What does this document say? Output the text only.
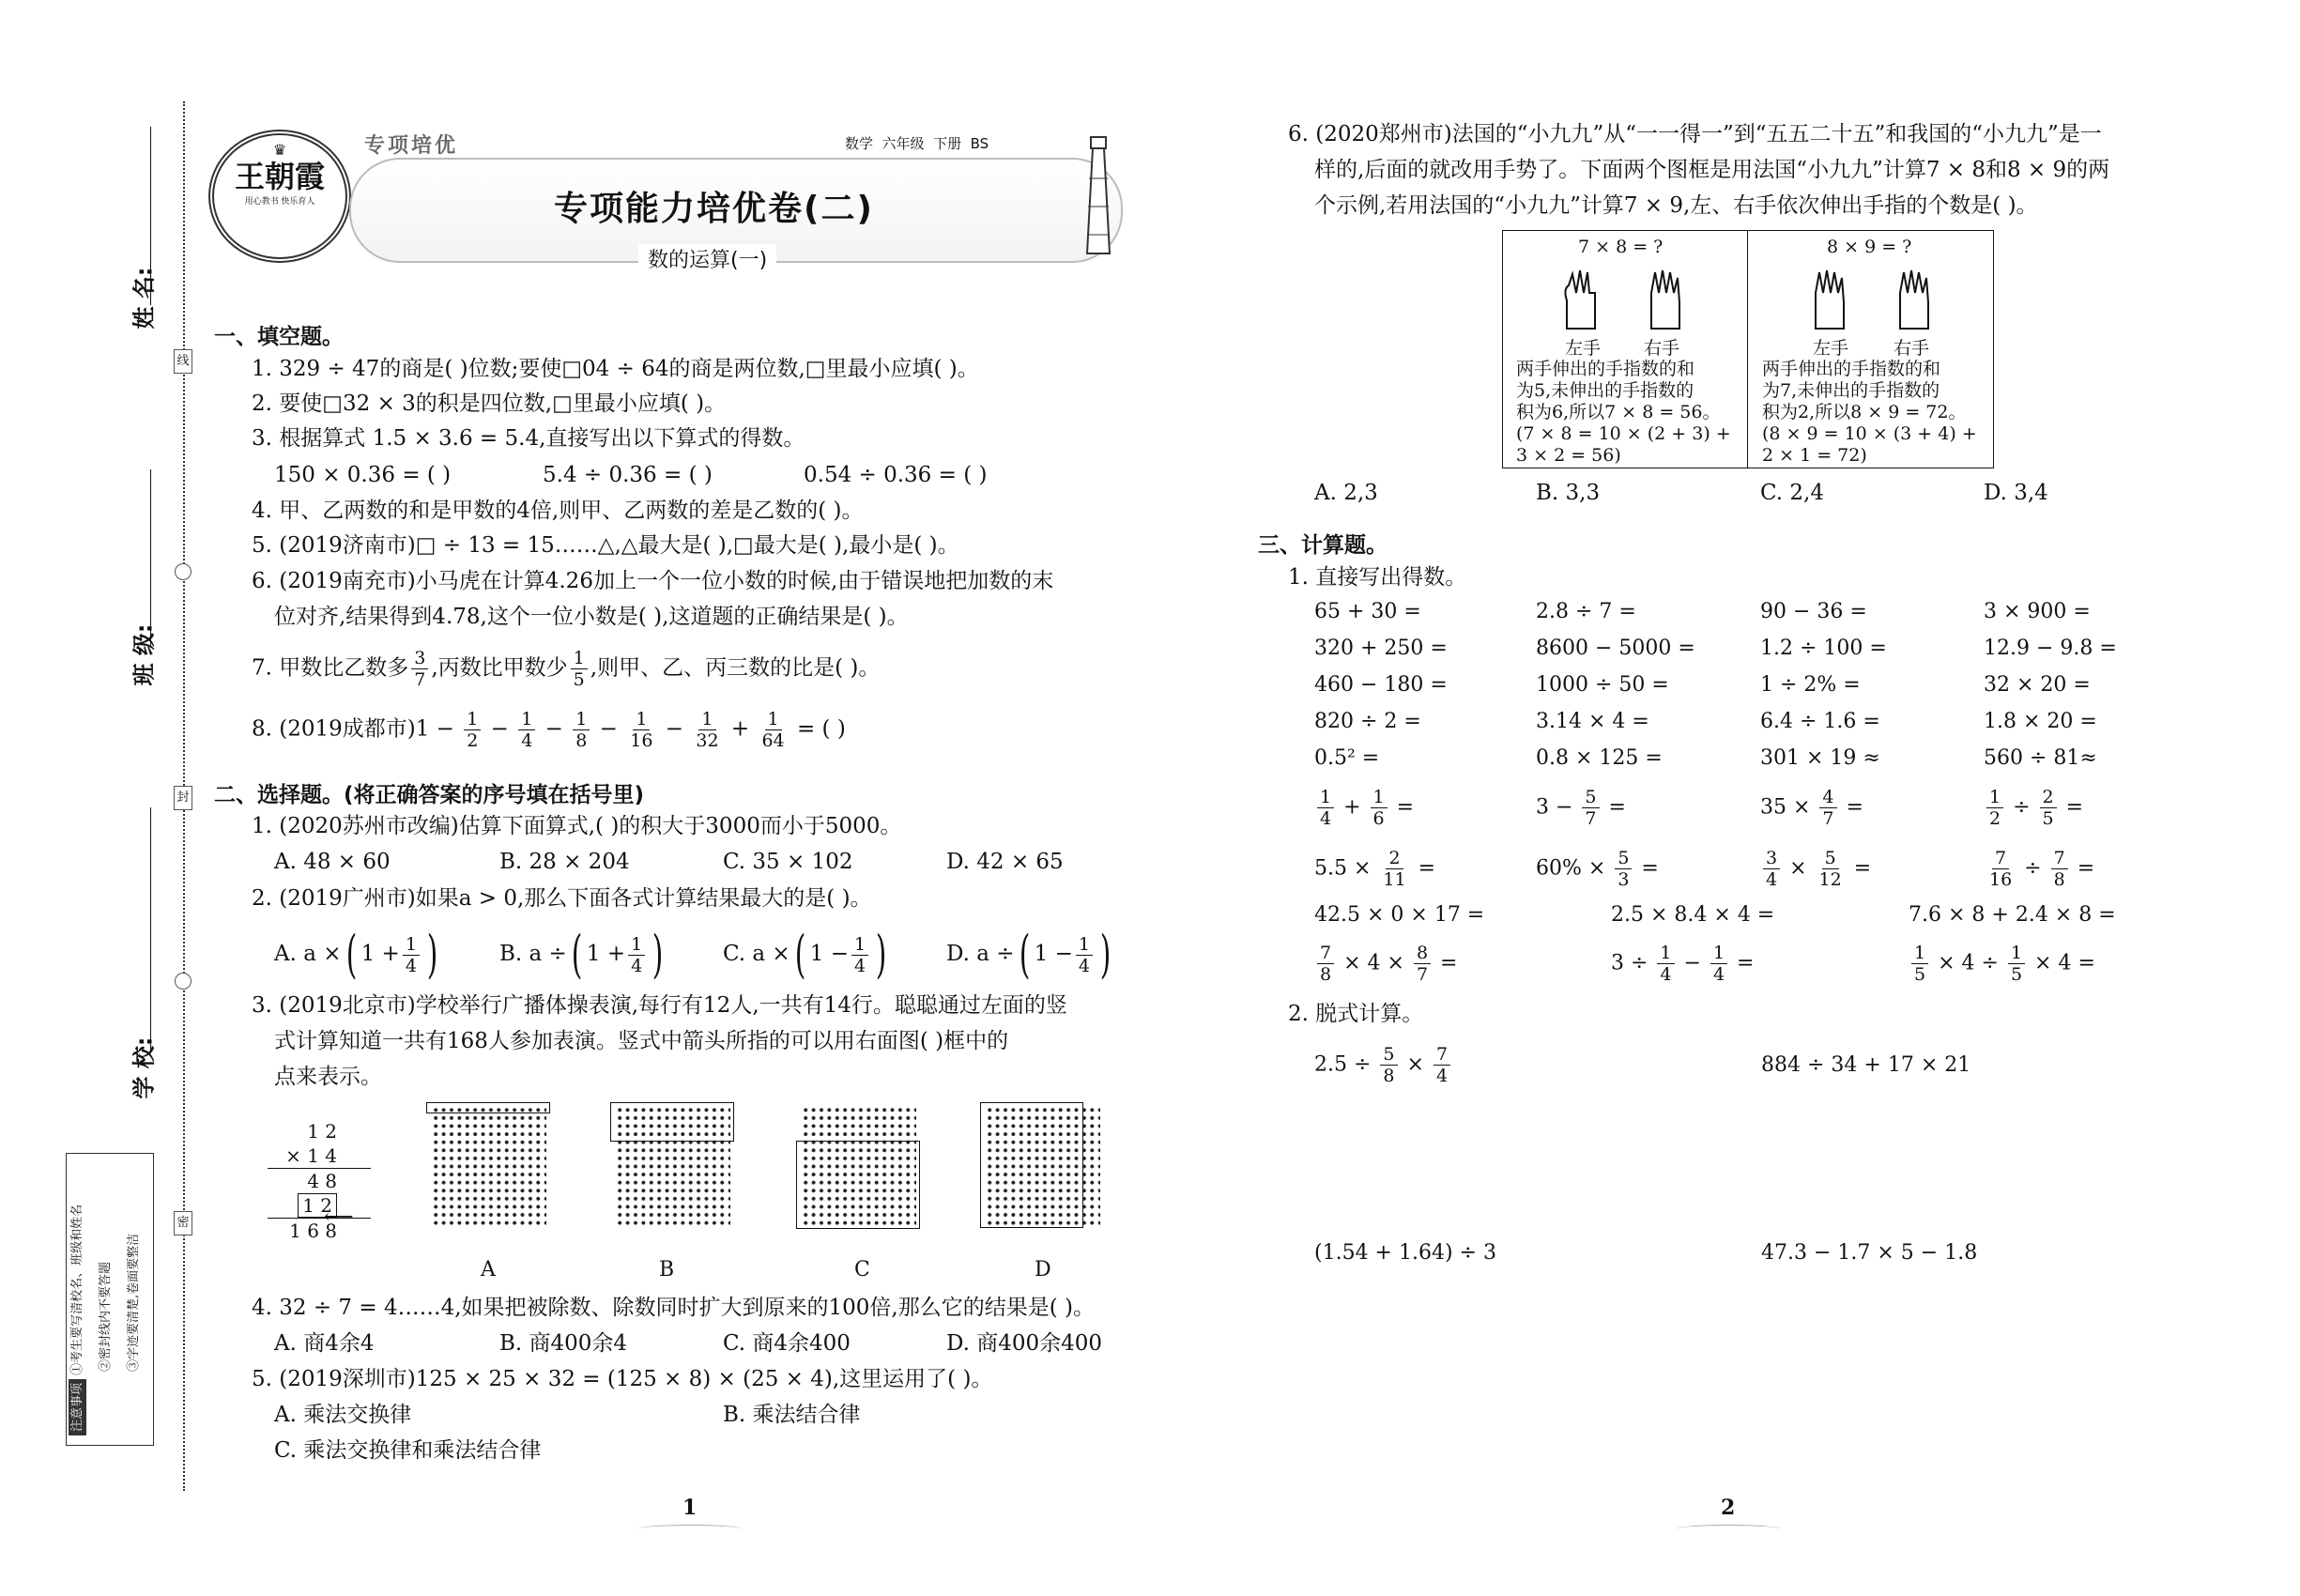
姓 名:
班 级:
学 校:
线
封
密
注意事项 ①考生要写清校名、班级和姓名	②密封线内不要答题	③字迹要清楚,卷面要整洁
♛
王朝霞
用心教书 快乐育人
专项培优	数学  六年级  下册  BS
专项能力培优卷(二)
数的运算(一)
一、填空题。
1. 329 ÷ 47的商是( )位数;要使□04 ÷ 64的商是两位数,□里最小应填( )。
2. 要使□32 × 3的积是四位数,□里最小应填( )。
3. 根据算式 1.5 × 3.6 = 5.4,直接写出以下算式的得数。
150 × 0.36 = ( )	5.4 ÷ 0.36 = ( )	0.54 ÷ 0.36 = ( )
4. 甲、乙两数的和是甲数的4倍,则甲、乙两数的差是乙数的( )。
5. (2019济南市)□ ÷ 13 = 15……△,△最大是( ),□最大是( ),最小是( )。
6. (2019南充市)小马虎在计算4.26加上一个一位小数的时候,由于错误地把加数的末
位对齐,结果得到4.78,这个一位小数是( ),这道题的正确结果是( )。
7. 甲数比乙数多 $\frac{3}{7}$ ,丙数比甲数少 $\frac{1}{5}$ ,则甲、乙、丙三数的比是( )。
8. (2019成都市)$1 - \frac{1}{2} - \frac{1}{4} - \frac{1}{8} - \frac{1}{16} - \frac{1}{32} + \frac{1}{64}$ = ( )
二、选择题。(将正确答案的序号填在括号里)
1. (2020苏州市改编)估算下面算式,( )的积大于3000而小于5000。
A. 48 × 60	B. 28 × 204	C. 35 × 102	D. 42 × 65
2. (2019广州市)如果a > 0,那么下面各式计算结果最大的是( )。
A. a ×( $1 + \frac{1}{4}$ )	B. a ÷( $1 + \frac{1}{4}$ )	C. a ×( $1 - \frac{1}{4}$ )	D. a ÷( $1 - \frac{1}{4}$ )
3. (2019北京市)学校举行广播体操表演,每行有12人,一共有14行。聪聪通过左面的竖
式计算知道一共有168人参加表演。竖式中箭头所指的可以用右面图( )框中的
点来表示。
1 2
× 1 4
4 8
1 2
1 6 8
⟵
A	B	C	D
4. 32 ÷ 7 = 4……4,如果把被除数、除数同时扩大到原来的100倍,那么它的结果是( )。
A. 商4余4	B. 商400余4	C. 商4余400	D. 商400余400
5. (2019深圳市)125 × 25 × 32 = (125 × 8) × (25 × 4),这里运用了( )。
A. 乘法交换律	B. 乘法结合律
C. 乘法交换律和乘法结合律
1
6. (2020郑州市)法国的“小九九”从“一一得一”到“五五二十五”和我国的“小九九”是一
样的,后面的就改用手势了。下面两个图框是用法国“小九九”计算7 × 8和8 × 9的两
个示例,若用法国的“小九九”计算7 × 9,左、右手依次伸出手指的个数是( )。
7 × 8 = ?
左手 右手
两手伸出的手指数的和
为5,未伸出的手指数的
积为6,所以7 × 8 = 56。
(7 × 8 = 10 × (2 + 3) +
3 × 2 = 56)
8 × 9 = ?
左手	右手
两手伸出的手指数的和
为7,未伸出的手指数的
积为2,所以8 × 9 = 72。
(8 × 9 = 10 × (3 + 4) +
2 × 1 = 72)
A. 2,3	B. 3,3	C. 2,4	D. 3,4
三、计算题。
1. 直接写出得数。
65 + 30 =	2.8 ÷ 7 =	90 − 36 =	3 × 900 =
320 + 250 =	8600 − 5000 =	1.2 ÷ 100 =	12.9 − 9.8 =
460 − 180 =	1000 ÷ 50 =	1 ÷ 2% =	32 × 20 =
820 ÷ 2 =	3.14 × 4 =	6.4 ÷ 1.6 =	1.8 × 20 =
0.5² =	0.8 × 125 =	301 × 19 ≈	560 ÷ 81≈
$\frac{1}{4} + \frac{1}{6}$ =	$3 - \frac{5}{7}$ =	$35 \times \frac{4}{7}$ =	$\frac{1}{2} \div \frac{2}{5}$ =
$5.5 \times \frac{2}{11}$ =	$60\% \times \frac{5}{3}$ =	$\frac{3}{4} \times \frac{5}{12}$ =	$\frac{7}{16} \div \frac{7}{8}$ =
42.5 × 0 × 17 =	2.5 × 8.4 × 4 =	7.6 × 8 + 2.4 × 8 =
$\frac{7}{8} \times 4 \times \frac{8}{7}$ =	$3 \div \frac{1}{4} - \frac{1}{4}$ =	$\frac{1}{5} \times 4 \div \frac{1}{5} \times 4$ =
2. 脱式计算。
$2.5 \div \frac{5}{8} \times \frac{7}{4}$	884 ÷ 34 + 17 × 21
(1.54 + 1.64) ÷ 3	47.3 − 1.7 × 5 − 1.8
2
